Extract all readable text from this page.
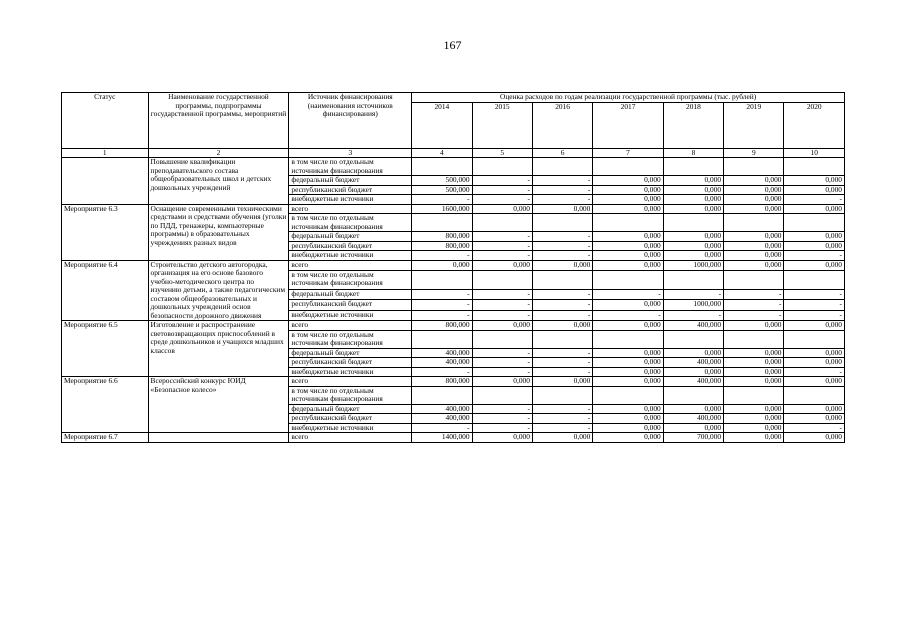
167
Статус	Наименование государственной программы, подпрограммы государственной программы, мероприятий	Источник финансирования (наименования источников финансирования)	Оценка расходов по годам реализации государственной программы (тыс. рублей)						
			2014	2015	2016	2017	2018	2019	2020
1	2	3	4	5	6	7	8	9	10
	Повышение квалификации преподавательского состава общеобразовательных школ и детских дошкольных учреждений	в том числе по отдельным источникам финансирования							
		федеральный бюджет	500,000	-	-	0,000	0,000	0,000	0,000
		республиканский бюджет	500,000	-	-	0,000	0,000	0,000	0,000
		внебюджетные источники	-	-	-	0,000	0,000	0,000	-
Мероприятие 6.3	Оснащение современными техническими средствами и средствами обучения (уголки по ПДД, тренажеры, компьютерные программы) в образовательных учреждениях разных видов	всего	1600,000	0,000	0,000	0,000	0,000	0,000	0,000
		в том числе по отдельным источникам финансирования							
		федеральный бюджет	800,000	-	-	0,000	0,000	0,000	0,000
		республиканский бюджет	800,000	-	-	0,000	0,000	0,000	0,000
		внебюджетные источники	-	-	-	0,000	0,000	0,000	-
Мероприятие 6.4	Строительство детского автогородка, организация на его основе базового учебно-методического центра по изучению детьми, а также педагогическим составом общеобразовательных и дошкольных учреждений основ безопасности дорожного движения	всего	0,000	0,000	0,000	0,000	1000,000	0,000	0,000
		в том числе по отдельным источникам финансирования							
		федеральный бюджет	-	-	-	-	-	-	-
		республиканский бюджет	-	-	-	0,000	1000,000	-	-
		внебюджетные источники	-	-	-	-	-	-	-
Мероприятие 6.5	Изготовление и распространение световозвращающих приспособлений в среде дошкольников и учащихся младших классов	всего	800,000	0,000	0,000	0,000	400,000	0,000	0,000
		в том числе по отдельным источникам финансирования							
		федеральный бюджет	400,000	-	-	0,000	0,000	0,000	0,000
		республиканский бюджет	400,000	-	-	0,000	400,000	0,000	0,000
		внебюджетные источники	-	-	-	0,000	0,000	0,000	-
Мероприятие 6.6	Всероссийский конкурс ЮИД «Безопасное колесо»	всего	800,000	0,000	0,000	0,000	400,000	0,000	0,000
		в том числе по отдельным источникам финансирования							
		федеральный бюджет	400,000	-	-	0,000	0,000	0,000	0,000
		республиканский бюджет	400,000	-	-	0,000	400,000	0,000	0,000
		внебюджетные источники	-	-	-	0,000	0,000	0,000	-
Мероприятие 6.7		всего	1400,000	0,000	0,000	0,000	700,000	0,000	0,000
